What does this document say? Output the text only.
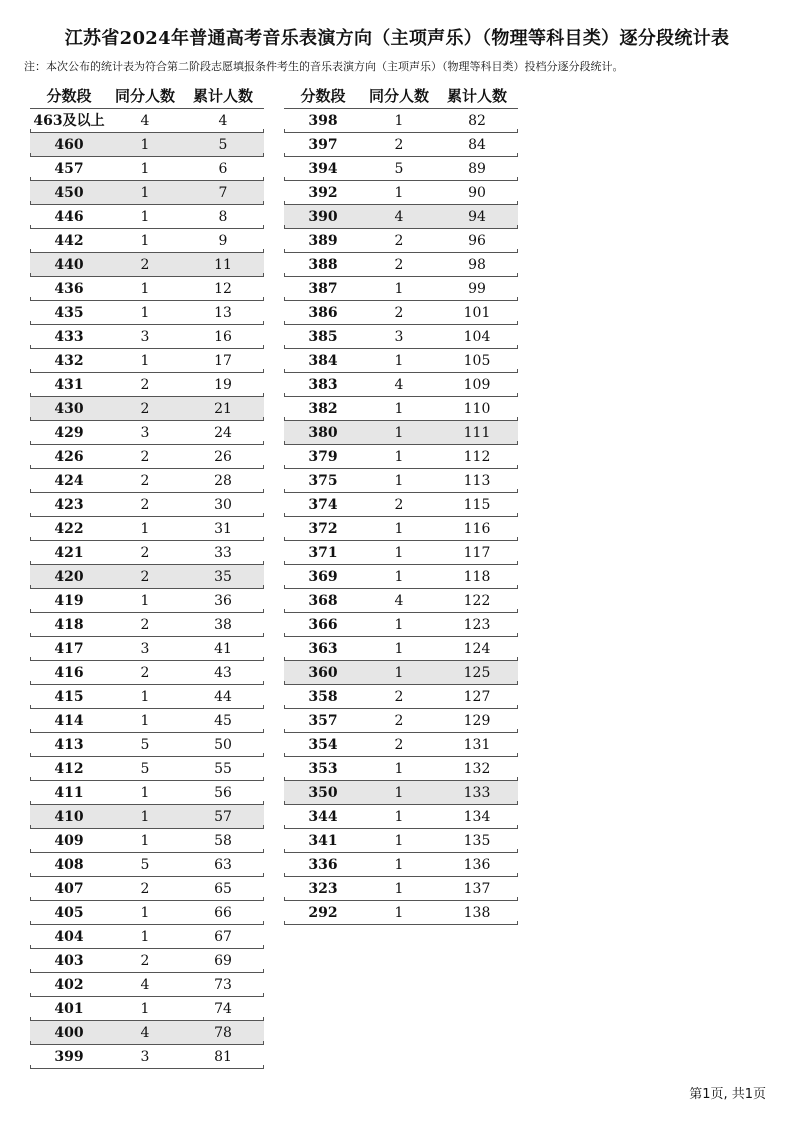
江苏省2024年普通高考音乐表演方向（主项声乐）（物理等科目类）逐分段统计表
注：本次公布的统计表为符合第二阶段志愿填报条件考生的音乐表演方向（主项声乐）（物理等科目类）投档分逐分段统计。
分数段	同分人数	累计人数
463及以上	4	4
460	1	5
457	1	6
450	1	7
446	1	8
442	1	9
440	2	11
436	1	12
435	1	13
433	3	16
432	1	17
431	2	19
430	2	21
429	3	24
426	2	26
424	2	28
423	2	30
422	1	31
421	2	33
420	2	35
419	1	36
418	2	38
417	3	41
416	2	43
415	1	44
414	1	45
413	5	50
412	5	55
411	1	56
410	1	57
409	1	58
408	5	63
407	2	65
405	1	66
404	1	67
403	2	69
402	4	73
401	1	74
400	4	78
399	3	81
分数段	同分人数	累计人数
398	1	82
397	2	84
394	5	89
392	1	90
390	4	94
389	2	96
388	2	98
387	1	99
386	2	101
385	3	104
384	1	105
383	4	109
382	1	110
380	1	111
379	1	112
375	1	113
374	2	115
372	1	116
371	1	117
369	1	118
368	4	122
366	1	123
363	1	124
360	1	125
358	2	127
357	2	129
354	2	131
353	1	132
350	1	133
344	1	134
341	1	135
336	1	136
323	1	137
292	1	138
第1页, 共1页
